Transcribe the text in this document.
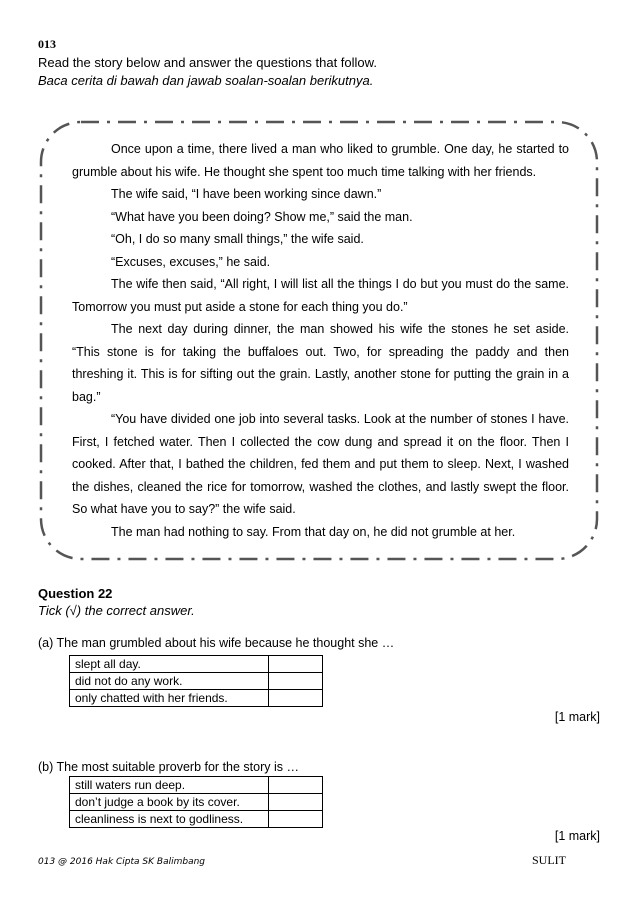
013
Read the story below and answer the questions that follow.
Baca cerita di bawah dan jawab soalan-soalan berikutnya.

Once upon a time, there lived a man who liked to grumble. One day, he started to grumble about his wife. He thought she spent too much time talking with her friends.

The wife said, “I have been working since dawn.”

“What have you been doing? Show me,” said the man.

“Oh, I do so many small things,” the wife said.

“Excuses, excuses,” he said.

The wife then said, “All right, I will list all the things I do but you must do the same. Tomorrow you must put aside a stone for each thing you do.”

The next day during dinner, the man showed his wife the stones he set aside. “This stone is for taking the buffaloes out. Two, for spreading the paddy and then threshing it. This is for sifting out the grain. Lastly, another stone for putting the grain in a bag.”

“You have divided one job into several tasks. Look at the number of stones I have. First, I fetched water. Then I collected the cow dung and spread it on the floor. Then I cooked. After that, I bathed the children, fed them and put them to sleep. Next, I washed the dishes, cleaned the rice for tomorrow, washed the clothes, and lastly swept the floor. So what have you to say?” the wife said.

The man had nothing to say. From that day on, he did not grumble at her.

Question 22
Tick (√) the correct answer.
(a) The man grumbled about his wife because he thought she …
slept all day.	
did not do any work.	
only chatted with her friends.	
[1 mark]
(b) The most suitable proverb for the story is …
still waters run deep.	
don’t judge a book by its cover.	
cleanliness is next to godliness.	
[1 mark]
013 @ 2016 Hak Cipta SK Balimbang	SULIT
